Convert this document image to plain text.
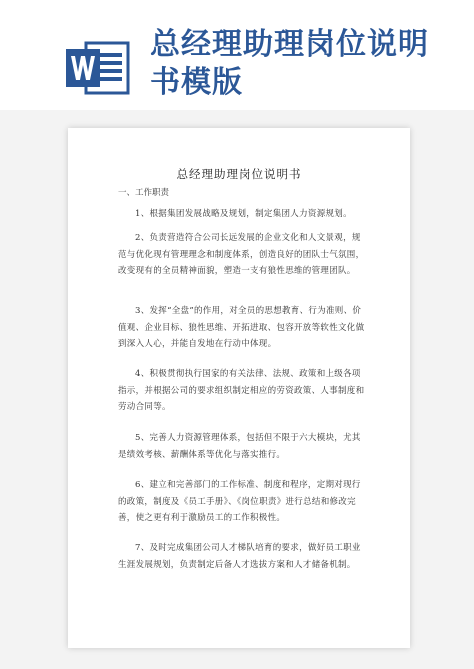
总经理助理岗位说明书模版
总经理助理岗位说明书
一、工作职责
1、根据集团发展战略及规划，制定集团人力资源规划。
2、负责营造符合公司长远发展的企业文化和人文景观，规范与优化现有管理理念和制度体系，创造良好的团队士气氛围，改变现有的全员精神面貌，塑造一支有狼性思维的管理团队。
3、发挥“全盘”的作用，对全员的思想教育、行为准则、价值观、企业目标、狼性思维、开拓进取、包容开放等软性文化做到深入人心，并能自发地在行动中体现。
4、积极贯彻执行国家的有关法律、法规、政策和上级各项指示，并根据公司的要求组织制定相应的劳资政策、人事制度和劳动合同等。
5、完善人力资源管理体系，包括但不限于六大模块，尤其是绩效考核、薪酬体系等优化与落实推行。
6、建立和完善部门的工作标准、制度和程序，定期对现行的政策，制度及《员工手册》、《岗位职责》进行总结和修改完善，使之更有利于激励员工的工作积极性。
7、及时完成集团公司人才梯队培育的要求，做好员工职业生涯发展规划，负责制定后备人才选拔方案和人才储备机制。
